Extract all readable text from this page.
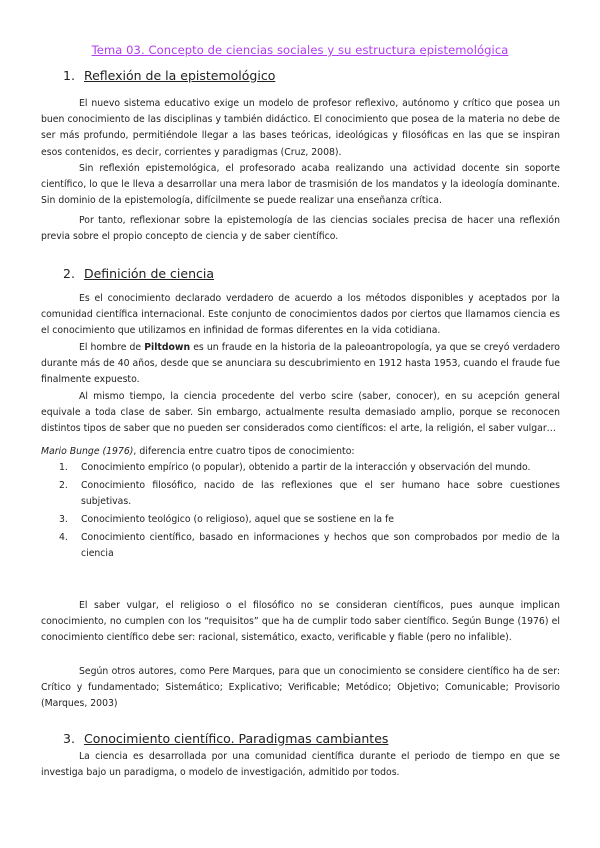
Tema 03. Concepto de ciencias sociales y su estructura epistemológica
1. Reflexión de la epistemológico

El nuevo sistema educativo exige un modelo de profesor reflexivo, autónomo y crítico que posea un buen conocimiento de las disciplinas y también didáctico. El conocimiento que posea de la materia no debe de ser más profundo, permitiéndole llegar a las bases teóricas, ideológicas y filosóficas en las que se inspiran esos contenidos, es decir, corrientes y paradigmas (Cruz, 2008).

Sin reflexión epistemológica, el profesorado acaba realizando una actividad docente sin soporte científico, lo que le lleva a desarrollar una mera labor de trasmisión de los mandatos y la ideología dominante. Sin dominio de la epistemología, difícilmente se puede realizar una enseñanza crítica.

Por tanto, reflexionar sobre la epistemología de las ciencias sociales precisa de hacer una reflexión previa sobre el propio concepto de ciencia y de saber científico.

2. Definición de ciencia

Es el conocimiento declarado verdadero de acuerdo a los métodos disponibles y aceptados por la comunidad científica internacional. Este conjunto de conocimientos dados por ciertos que llamamos ciencia es el conocimiento que utilizamos en infinidad de formas diferentes en la vida cotidiana.

El hombre de Piltdown es un fraude en la historia de la paleoantropología, ya que se creyó verdadero durante más de 40 años, desde que se anunciara su descubrimiento en 1912 hasta 1953, cuando el fraude fue finalmente expuesto.

Al mismo tiempo, la ciencia procedente del verbo scire (saber, conocer), en su acepción general equivale a toda clase de saber. Sin embargo, actualmente resulta demasiado amplio, porque se reconocen distintos tipos de saber que no pueden ser considerados como científicos: el arte, la religión, el saber vulgar…

Mario Bunge (1976), diferencia entre cuatro tipos de conocimiento:
1. Conocimiento empírico (o popular), obtenido a partir de la interacción y observación del mundo.
2. Conocimiento filosófico, nacido de las reflexiones que el ser humano hace sobre cuestiones subjetivas.
3. Conocimiento teológico (o religioso), aquel que se sostiene en la fe
4. Conocimiento científico, basado en informaciones y hechos que son comprobados por medio de la ciencia

El saber vulgar, el religioso o el filosófico no se consideran científicos, pues aunque implican conocimiento, no cumplen con los “requisitos” que ha de cumplir todo saber científico. Según Bunge (1976) el conocimiento científico debe ser: racional, sistemático, exacto, verificable y fiable (pero no infalible).

Según otros autores, como Pere Marques, para que un conocimiento se considere científico ha de ser: Crítico y fundamentado; Sistemático; Explicativo; Verificable; Metódico; Objetivo; Comunicable; Provisorio (Marques, 2003)

3. Conocimiento científico. Paradigmas cambiantes

La ciencia es desarrollada por una comunidad científica durante el periodo de tiempo en que se investiga bajo un paradigma, o modelo de investigación, admitido por todos.
